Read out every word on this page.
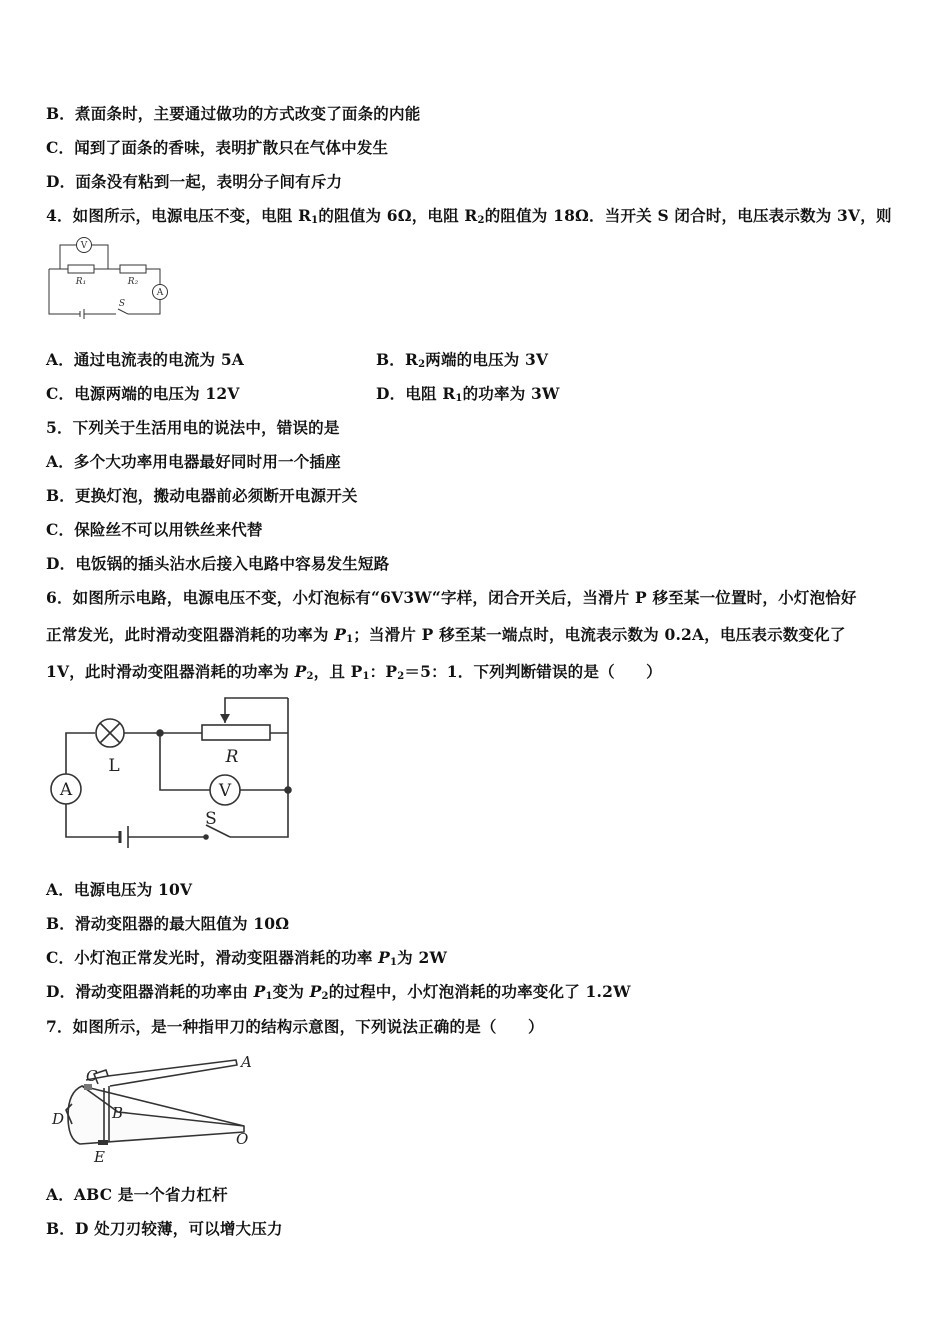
B．煮面条时，主要通过做功的方式改变了面条的内能
C．闻到了面条的香味，表明扩散只在气体中发生
D．面条没有粘到一起，表明分子间有斥力
4．如图所示，电源电压不变，电阻 $R_1$的阻值为 6Ω，电阻 $R_2$的阻值为 18Ω．当开关 S 闭合时，电压表示数为 3V，则
V
A
R₁	R₂
S
A．通过电流表的电流为 5A	B．$R_2$两端的电压为 3V
C．电源两端的电压为 12V	D．电阻 $R_1$的功率为 3W
5．下列关于生活用电的说法中，错误的是
A．多个大功率用电器最好同时用一个插座
B．更换灯泡，搬动电器前必须断开电源开关
C．保险丝不可以用铁丝来代替
D．电饭锅的插头沾水后接入电路中容易发生短路
6．如图所示电路，电源电压不变，小灯泡标有“6V3W“字样，闭合开关后，当滑片 P 移至某一位置时，小灯泡恰好
正常发光，此时滑动变阻器消耗的功率为 $P_1$；当滑片 P 移至某一端点时，电流表示数为 0.2A，电压表示数变化了
1V，此时滑动变阻器消耗的功率为 $P_2$，且 $P_1$：$P_2=5$：1．下列判断错误的是（　　）
A	V
L	R
S
A．电源电压为 10V
B．滑动变阻器的最大阻值为 10Ω
C．小灯泡正常发光时，滑动变阻器消耗的功率 $P_1$为 2W
D．滑动变阻器消耗的功率由 $P_1$变为 $P_2$的过程中，小灯泡消耗的功率变化了 1.2W
7．如图所示，是一种指甲刀的结构示意图，下列说法正确的是（　　）
A
C
B
D
O
E
A．ABC 是一个省力杠杆
B．D 处刀刃较薄，可以增大压力
